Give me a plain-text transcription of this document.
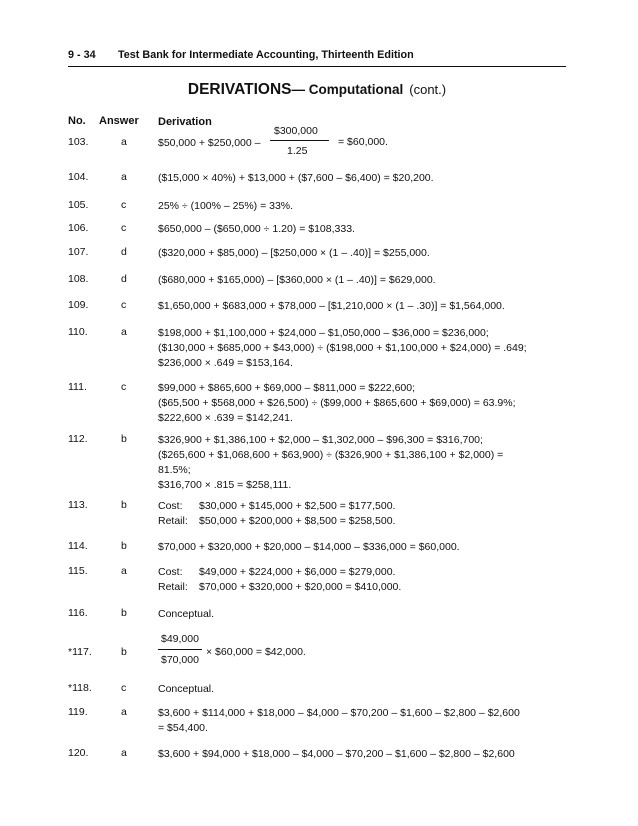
9 - 34 Test Bank for Intermediate Accounting, Thirteenth Edition
DERIVATIONS— Computational (cont.)
No. Answer Derivation
103.	a	$50,000 + $250,000 –
$300,000
1.25
= $60,000.
104.	a	($15,000 × 40%) + $13,000 + ($7,600 – $6,400) = $20,200.
105.	c	25% ÷ (100% – 25%) = 33%.
106.	c	$650,000 – ($650,000 ÷ 1.20) = $108,333.
107.	d	($320,000 + $85,000) – [$250,000 × (1 – .40)] = $255,000.
108.	d	($680,000 + $165,000) – [$360,000 × (1 – .40)] = $629,000.
109.	c	$1,650,000 + $683,000 + $78,000 – [$1,210,000 × (1 – .30)] = $1,564,000.
110.	a	$198,000 + $1,100,000 + $24,000 – $1,050,000 – $36,000 = $236,000;
($130,000 + $685,000 + $43,000) ÷ ($198,000 + $1,100,000 + $24,000) = .649;
$236,000 × .649 = $153,164.
111.	c	$99,000 + $865,600 + $69,000 – $811,000 = $222,600;
($65,500 + $568,000 + $26,500) ÷ ($99,000 + $865,600 + $69,000) = 63.9%;
$222,600 × .639 = $142,241.
112.	b	$326,900 + $1,386,100 + $2,000 – $1,302,000 – $96,300 = $316,700;
($265,600 + $1,068,600 + $63,900) ÷ ($326,900 + $1,386,100 + $2,000) =
81.5%;
$316,700 × .815 = $258,111.
113.	b	Cost: $30,000 + $145,000 + $2,500 = $177,500.
Retail: $50,000 + $200,000 + $8,500 = $258,500.
114.	b	$70,000 + $320,000 + $20,000 – $14,000 – $336,000 = $60,000.
115.	a	Cost: $49,000 + $224,000 + $6,000 = $279,000.
Retail: $70,000 + $320,000 + $20,000 = $410,000.
116.	b	Conceptual.
*117.	b
$49,000
$70,000
× $60,000 = $42,000.
*118.	c	Conceptual.
119.	a	$3,600 + $114,000 + $18,000 – $4,000 – $70,200 – $1,600 – $2,800 – $2,600
= $54,400.
120.	a	$3,600 + $94,000 + $18,000 – $4,000 – $70,200 – $1,600 – $2,800 – $2,600
